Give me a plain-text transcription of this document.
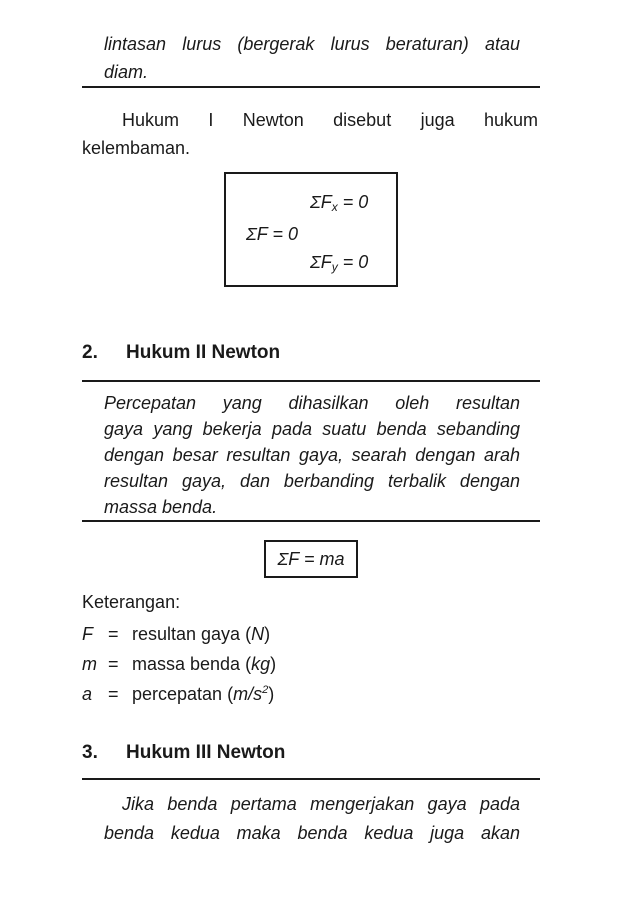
lintasan lurus (bergerak lurus beraturan) atau

diam.

Hukum I Newton disebut juga hukum
kelembaman.
$\Sigma F_x = 0$
ΣF = 0
$\Sigma F_y = 0$
2. Hukum II Newton

Percepatan yang dihasilkan oleh resultan

gaya yang bekerja pada suatu benda sebanding

dengan besar resultan gaya, searah dengan arah

resultan gaya, dan berbanding terbalik dengan

massa benda.

ΣF = ma
Keterangan:
F = resultan gaya (N)
m = massa benda (kg)
a = percepatan $(m/s^2)$
3. Hukum III Newton

Jika benda pertama mengerjakan gaya pada

benda kedua maka benda kedua juga akan
